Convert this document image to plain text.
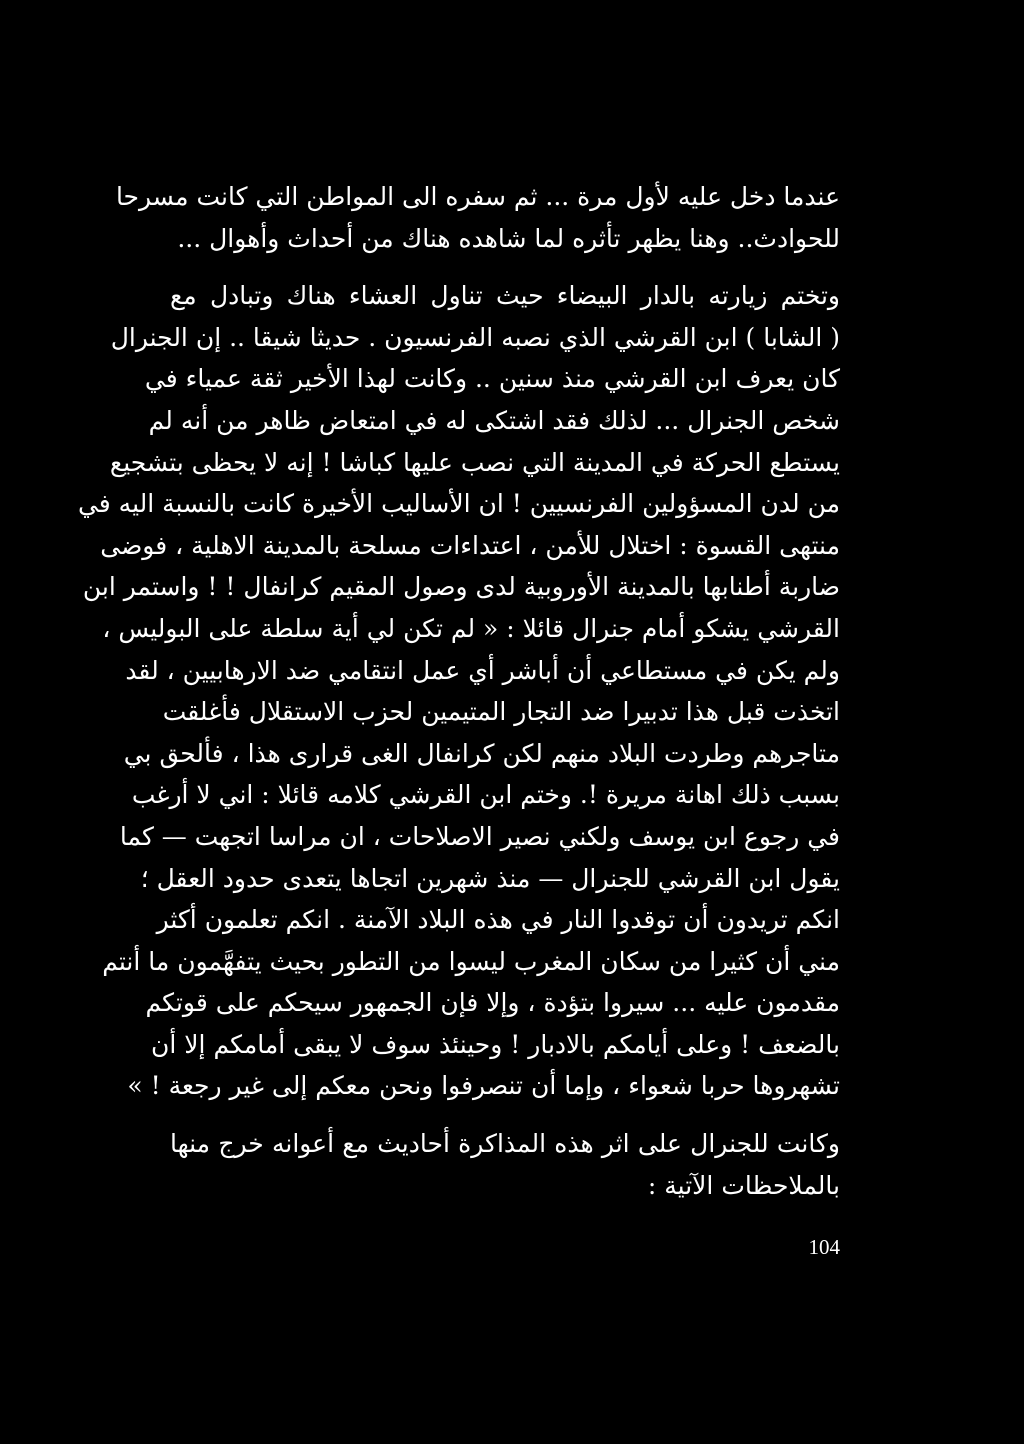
عندما دخل عليه لأول مرة ... ثم سفره الى المواطن التي كانت مسرحا
للحوادث.. وهنا يظهر تأثره لما شاهده هناك من أحداث وأهوال ...
وتختم زيارته بالدار البيضاء حيث تناول العشاء هناك وتبادل مع
( الشابا ) ابن القرشي الذي نصبه الفرنسيون . حديثا شيقا .. إن الجنرال
كان يعرف ابن القرشي منذ سنين .. وكانت لهذا الأخير ثقة عمياء في
شخص الجنرال ... لذلك فقد اشتكى له في امتعاض ظاهر من أنه لم
يستطع الحركة في المدينة التي نصب عليها كباشا ! إنه لا يحظى بتشجيع
من لدن المسؤولين الفرنسيين ! ان الأساليب الأخيرة كانت بالنسبة اليه في
منتهى القسوة : اختلال للأمن ، اعتداءات مسلحة بالمدينة الاهلية ، فوضى
ضاربة أطنابها بالمدينة الأوروبية لدى وصول المقيم كرانفال ! ! واستمر ابن
القرشي يشكو أمام جنرال قائلا : « لم تكن لي أية سلطة على البوليس ،
ولم يكن في مستطاعي أن أباشر أي عمل انتقامي ضد الارهابيين ، لقد
اتخذت قبل هذا تدبيرا ضد التجار المتيمين لحزب الاستقلال فأغلقت
متاجرهم وطردت البلاد منهم لكن كرانفال الغى قرارى هذا ، فألحق بي
بسبب ذلك اهانة مريرة !. وختم ابن القرشي كلامه قائلا : اني لا أرغب
في رجوع ابن يوسف ولكني نصير الاصلاحات ، ان مراسا اتجهت — كما
يقول ابن القرشي للجنرال — منذ شهرين اتجاها يتعدى حدود العقل ؛
انكم تريدون أن توقدوا النار في هذه البلاد الآمنة . انكم تعلمون أكثر
مني أن كثيرا من سكان المغرب ليسوا من التطور بحيث يتفهَّمون ما أنتم
مقدمون عليه ... سيروا بتؤدة ، وإلا فإن الجمهور سيحكم على قوتكم
بالضعف ! وعلى أيامكم بالادبار ! وحينئذ سوف لا يبقى أمامكم إلا أن
تشهروها حربا شعواء ، وإما أن تنصرفوا ونحن معكم إلى غير رجعة ! »
وكانت للجنرال على اثر هذه المذاكرة أحاديث مع أعوانه خرج منها
بالملاحظات الآتية :
104
